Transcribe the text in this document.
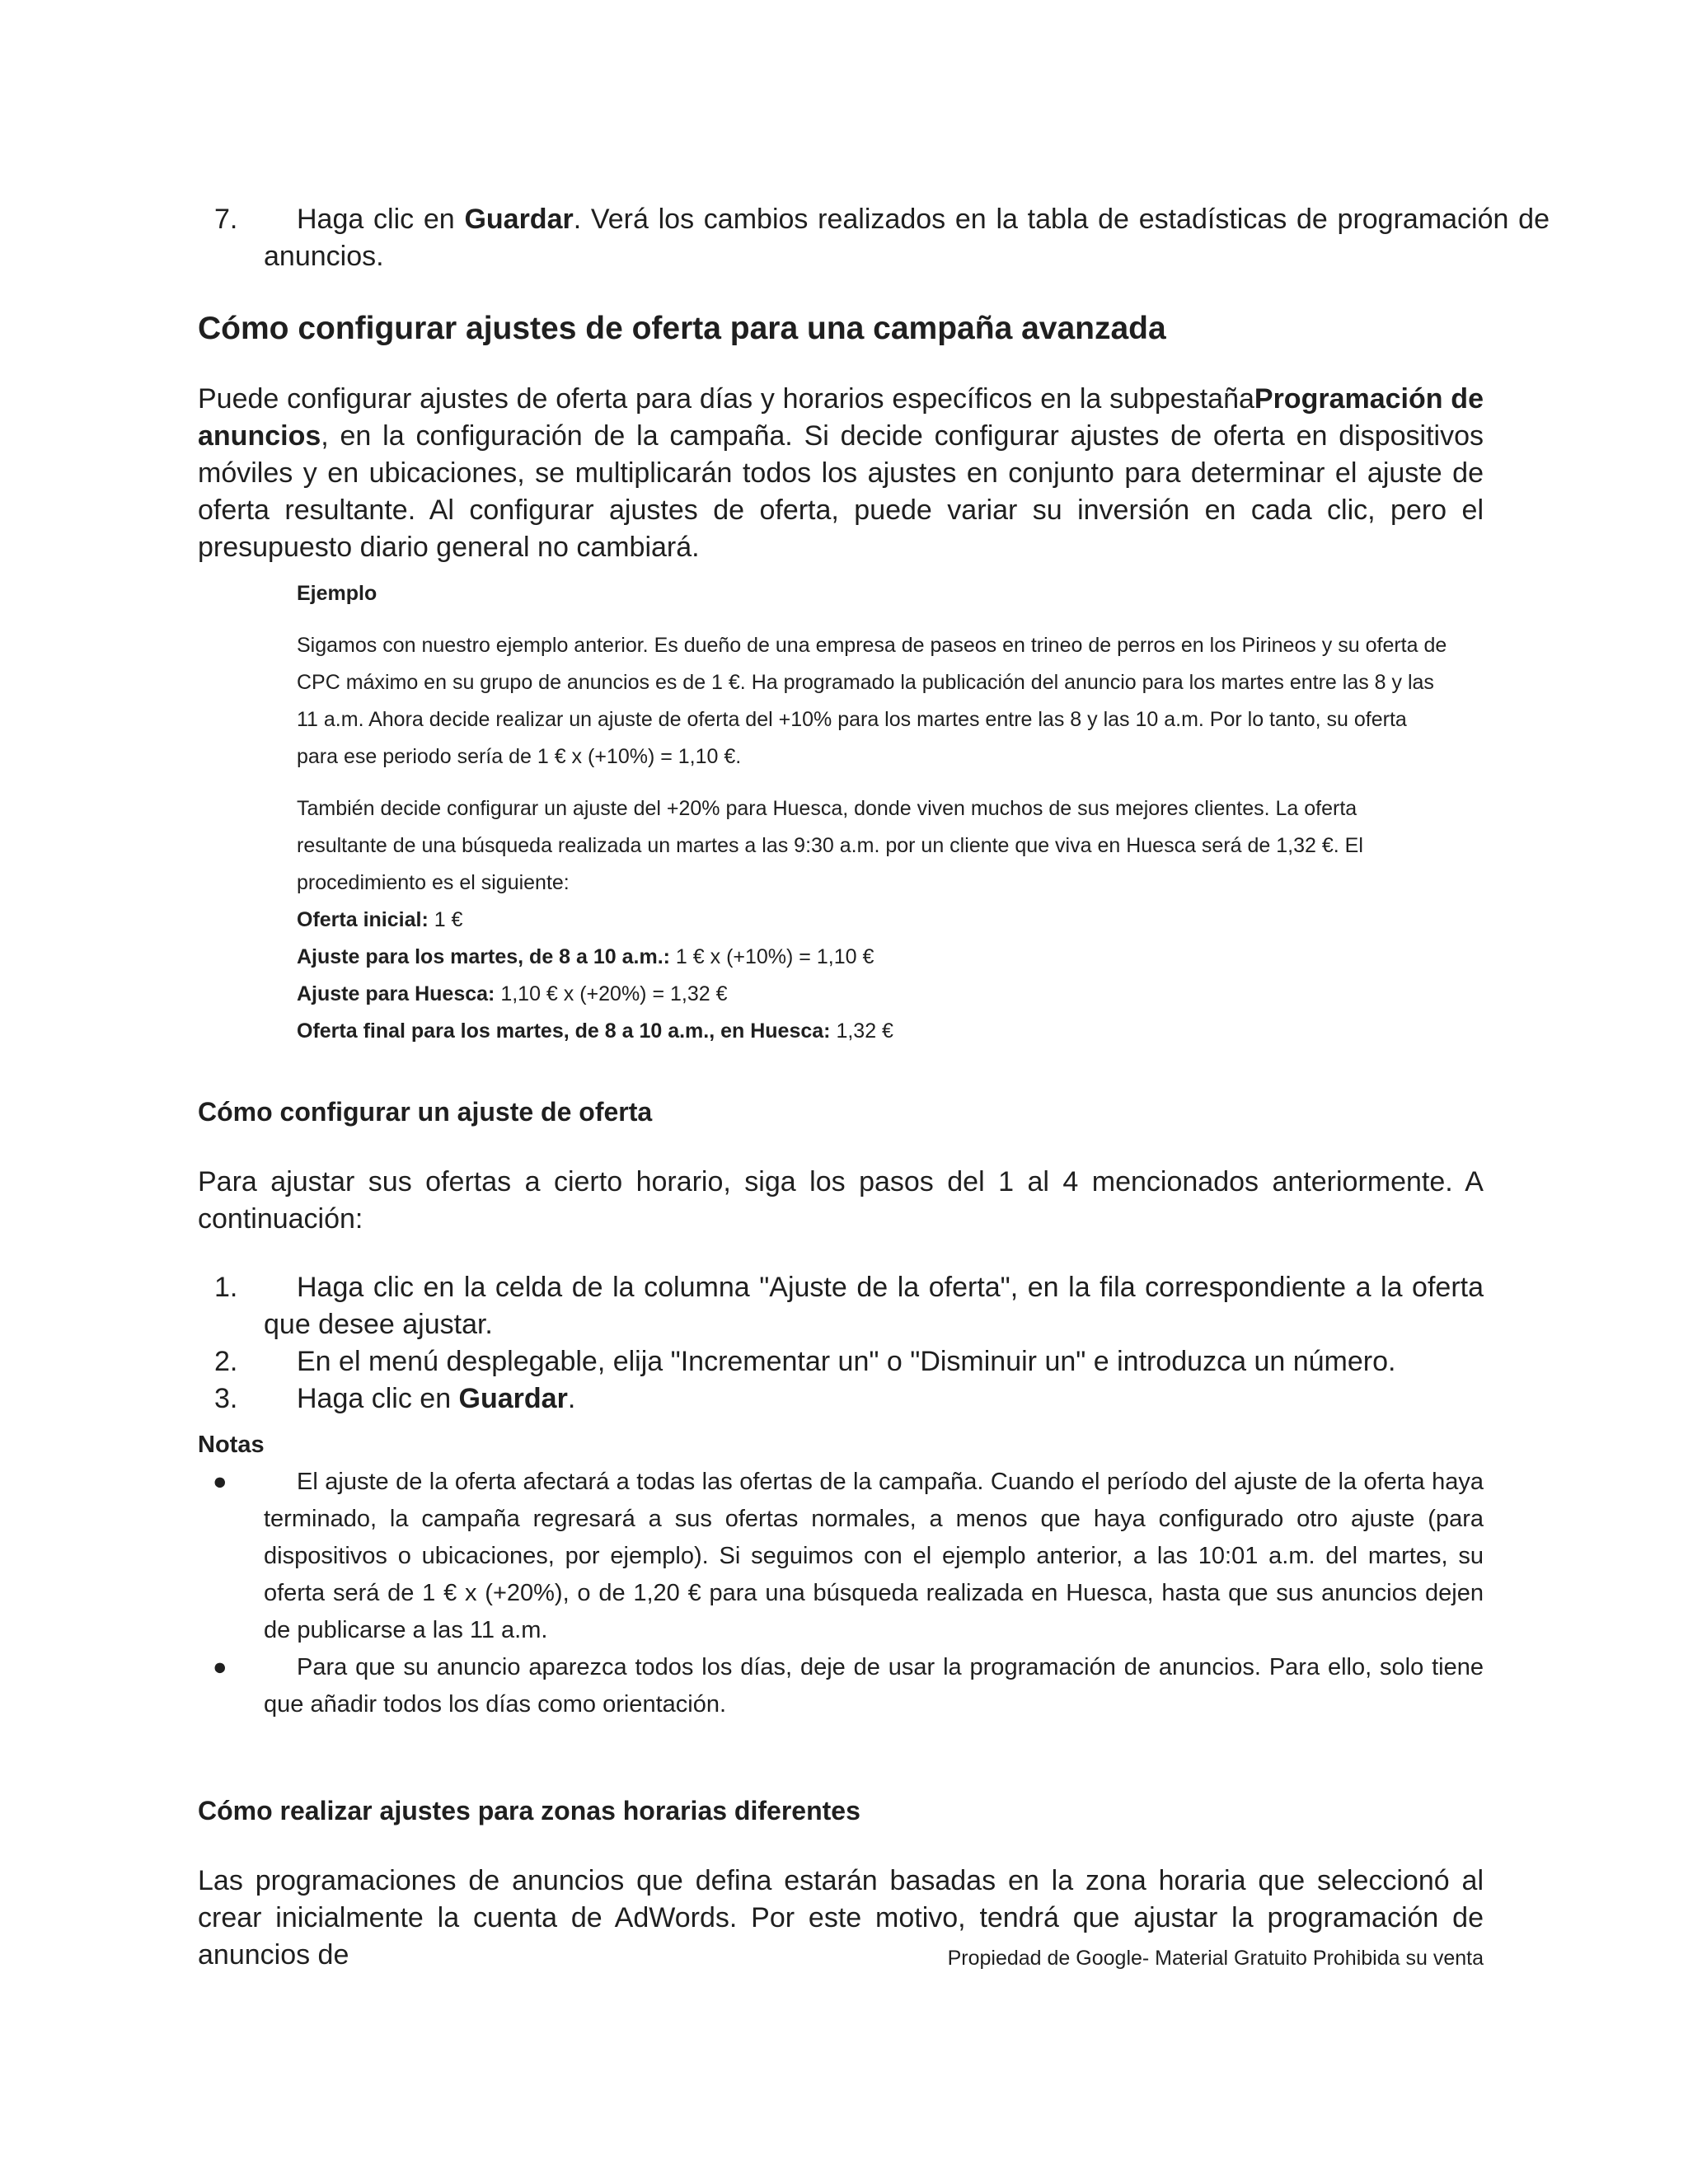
7. Haga clic en Guardar. Verá los cambios realizados en la tabla de estadísticas de programación de anuncios.
Cómo configurar ajustes de oferta para una campaña avanzada
Puede configurar ajustes de oferta para días y horarios específicos en la subpestañaProgramación de anuncios, en la configuración de la campaña. Si decide configurar ajustes de oferta en dispositivos móviles y en ubicaciones, se multiplicarán todos los ajustes en conjunto para determinar el ajuste de oferta resultante. Al configurar ajustes de oferta, puede variar su inversión en cada clic, pero el presupuesto diario general no cambiará.

Ejemplo

Sigamos con nuestro ejemplo anterior. Es dueño de una empresa de paseos en trineo de perros en los Pirineos y su oferta de CPC máximo en su grupo de anuncios es de 1 €. Ha programado la publicación del anuncio para los martes entre las 8 y las 11 a.m. Ahora decide realizar un ajuste de oferta del +10% para los martes entre las 8 y las 10 a.m. Por lo tanto, su oferta para ese periodo sería de 1 € x (+10%) = 1,10 €.

También decide configurar un ajuste del +20% para Huesca, donde viven muchos de sus mejores clientes. La oferta resultante de una búsqueda realizada un martes a las 9:30 a.m. por un cliente que viva en Huesca será de 1,32 €. El procedimiento es el siguiente:

Oferta inicial: 1 €

Ajuste para los martes, de 8 a 10 a.m.: 1 € x (+10%) = 1,10 €

Ajuste para Huesca: 1,10 € x (+20%) = 1,32 €

Oferta final para los martes, de 8 a 10 a.m., en Huesca: 1,32 €

Cómo configurar un ajuste de oferta
Para ajustar sus ofertas a cierto horario, siga los pasos del 1 al 4 mencionados anteriormente. A continuación:
1. Haga clic en la celda de la columna "Ajuste de la oferta", en la fila correspondiente a la oferta que desee ajustar.
2. En el menú desplegable, elija "Incrementar un" o "Disminuir un" e introduzca un número.
3. Haga clic en Guardar.
Notas
●	El ajuste de la oferta afectará a todas las ofertas de la campaña. Cuando el período del ajuste de la oferta haya terminado, la campaña regresará a sus ofertas normales, a menos que haya configurado otro ajuste (para dispositivos o ubicaciones, por ejemplo). Si seguimos con el ejemplo anterior, a las 10:01 a.m. del martes, su oferta será de 1 € x (+20%), o de 1,20 € para una búsqueda realizada en Huesca, hasta que sus anuncios dejen de publicarse a las 11 a.m.
●	Para que su anuncio aparezca todos los días, deje de usar la programación de anuncios. Para ello, solo tiene que añadir todos los días como orientación.
Cómo realizar ajustes para zonas horarias diferentes
Las programaciones de anuncios que defina estarán basadas en la zona horaria que seleccionó al crear inicialmente la cuenta de AdWords. Por este motivo, tendrá que ajustar la programación de anuncios de	Propiedad de Google- Material Gratuito Prohibida su venta
